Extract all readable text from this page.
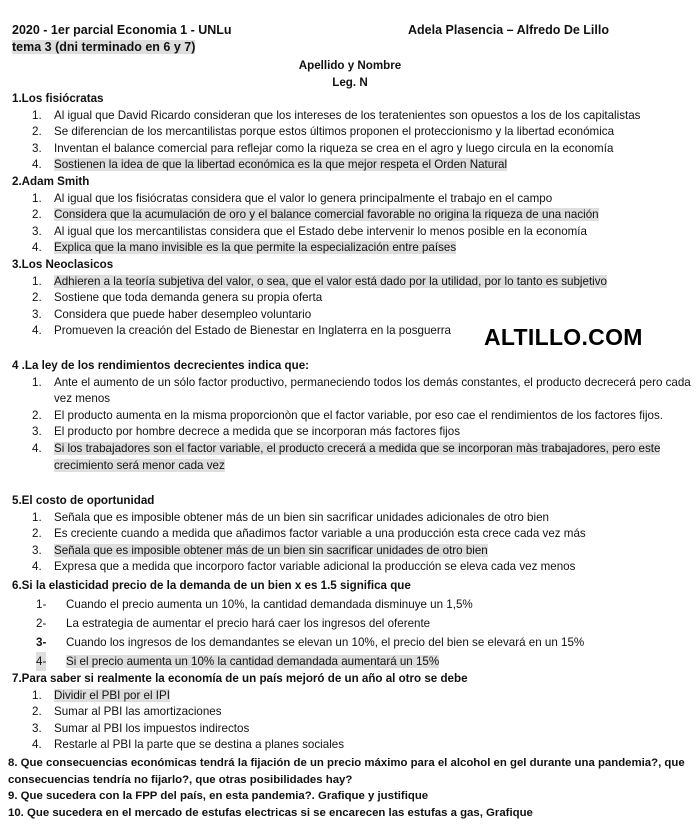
2020 - 1er parcial Economia 1 - UNLu	Adela Plasencia – Alfredo De Lillo
tema 3 (dni terminado en 6 y 7)
Apellido y Nombre
Leg. N
1.Los fisiócratas
1. Al igual que David Ricardo consideran que los intereses de los teratenientes son opuestos a los de los capitalistas
2. Se diferencian de los mercantilistas porque estos últimos proponen el proteccionismo y la libertad económica
3. Inventan el balance comercial para reflejar como la riqueza se crea en el agro y luego circula en la economía
4. Sostienen la idea de que la libertad económica es la que mejor respeta el Orden Natural
2.Adam Smith
1. Al igual que los fisiócratas considera que el valor lo genera principalmente el trabajo en el campo
2. Considera que la acumulación de oro y el balance comercial favorable no origina la riqueza de una nación
3. Al igual que los mercantilistas considera que el Estado debe intervenir lo menos posible en la economía
4. Explica que la mano invisible es la que permite la especialización entre países
3.Los Neoclasicos
1. Adhieren a la teoría subjetiva del valor, o sea, que el valor está dado por la utilidad, por lo tanto es subjetivo
2. Sostiene que toda demanda genera su propia oferta
3. Considera que puede haber desempleo voluntario
4. Promueven la creación del Estado de Bienestar en Inglaterra en la posguerra	ALTILLO.COM
4 .La ley de los rendimientos decrecientes indica que:
1. Ante el aumento de un sólo factor productivo, permaneciendo todos los demás constantes, el producto decrecerá pero cada vez menos
2. El producto aumenta en la misma proporcionòn que el factor variable, por eso cae el rendimientos de los factores fijos.
3. El producto por hombre decrece a medida que se incorporan más factores fijos
4. Si los trabajadores son el factor variable, el producto crecerá a medida que se incorporan màs trabajadores, pero este crecimiento será menor cada vez
5.El costo de oportunidad
1. Señala que es imposible obtener más de un bien sin sacrificar unidades adicionales de otro bien
2. Es creciente cuando a medida que añadimos factor variable a una producción esta crece cada vez más
3. Señala que es imposible obtener más de un bien sin sacrificar unidades de otro bien
4. Expresa que a medida que incorporo factor variable adicional la producción se eleva cada vez menos
6.Si la elasticidad precio de la demanda de un bien x es 1.5 significa que
1- Cuando el precio aumenta un 10%, la cantidad demandada disminuye un 1,5%
2- La estrategia de aumentar el precio hará caer los ingresos del oferente
3- Cuando los ingresos de los demandantes se elevan un 10%, el precio del bien se elevará en un 15%
4- Si el precio aumenta un 10% la cantidad demandada aumentará un 15%
7.Para saber si realmente la economía de un país mejoró de un año al otro se debe
1. Dividir el PBI por el IPI
2. Sumar al PBI las amortizaciones
3. Sumar al PBI los impuestos indirectos
4. Restarle al PBI la parte que se destina a planes sociales
8. Que consecuencias económicas tendrá la fijación de un precio máximo para el alcohol en gel durante una pandemia?, que consecuencias tendría no fijarlo?, que otras posibilidades hay?
9. Que sucedera con la FPP del país, en esta pandemia?. Grafique y justifique
10. Que sucedera en el mercado de estufas electricas si se encarecen las estufas a gas, Grafique
